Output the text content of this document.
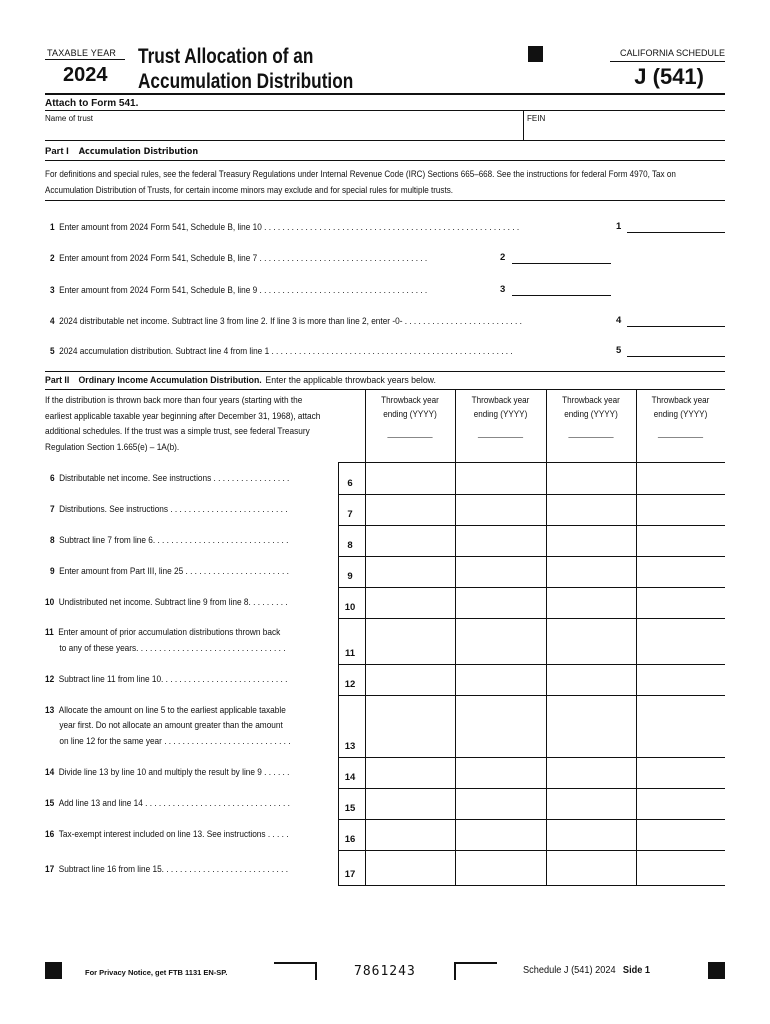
TAXABLE YEAR
2024
Trust Allocation of an
Accumulation Distribution
CALIFORNIA SCHEDULE
J (541)
Attach to Form 541.
Name of trust	FEIN
Part I Accumulation Distribution
For definitions and special rules, see the federal Treasury Regulations under Internal Revenue Code (IRC) Sections 665–668. See the instructions for federal Form 4970, Tax on Accumulation Distribution of Trusts, for certain income minors may exclude and for special rules for multiple trusts.
1 Enter amount from 2024 Form 541, Schedule B, line 10 . . . . . . . . . . . . . . . . . . . . . . . . . . . . . . . . . . . . . . . . . . . . . . . . . . . . . . . .	1
2 Enter amount from 2024 Form 541, Schedule B, line 7 . . . . . . . . . . . . . . . . . . . . . . . . . . . . . . . . . . . . .	2
3 Enter amount from 2024 Form 541, Schedule B, line 9 . . . . . . . . . . . . . . . . . . . . . . . . . . . . . . . . . . . . .	3
4 2024 distributable net income. Subtract line 3 from line 2. If line 3 is more than line 2, enter -0- . . . . . . . . . . . . . . . . . . . . . . . . . .	4
5 2024 accumulation distribution. Subtract line 4 from line 1 . . . . . . . . . . . . . . . . . . . . . . . . . . . . . . . . . . . . . . . . . . . . . . . . . . . . .	5
Part II Ordinary Income Accumulation Distribution. Enter the applicable throwback years below.
If the distribution is thrown back more than four years (starting with the
earliest applicable taxable year beginning after December 31, 1968), attach
additional schedules. If the trust was a simple trust, see federal Treasury
Regulation Section 1.665(e) – 1A(b).
Throwback year
ending (YYYY)
__________
Throwback year
ending (YYYY)
__________
Throwback year
ending (YYYY)
__________
Throwback year
ending (YYYY)
__________
6 Distributable net income. See instructions . . . . . . . . . . . . . . . . .
6
7 Distributions. See instructions . . . . . . . . . . . . . . . . . . . . . . . . . .
7
8 Subtract line 7 from line 6. . . . . . . . . . . . . . . . . . . . . . . . . . . . . .
8
9 Enter amount from Part III, line 25 . . . . . . . . . . . . . . . . . . . . . . .
9
10 Undistributed net income. Subtract line 9 from line 8. . . . . . . . .
10
11 Enter amount of prior accumulation distributions thrown back
to any of these years. . . . . . . . . . . . . . . . . . . . . . . . . . . . . . . . .
11
12 Subtract line 11 from line 10. . . . . . . . . . . . . . . . . . . . . . . . . . . .
12
13 Allocate the amount on line 5 to the earliest applicable taxable
year first. Do not allocate an amount greater than the amount
on line 12 for the same year . . . . . . . . . . . . . . . . . . . . . . . . . . . .
13
14 Divide line 13 by line 10 and multiply the result by line 9 . . . . . .
14
15 Add line 13 and line 14 . . . . . . . . . . . . . . . . . . . . . . . . . . . . . . . .
15
16 Tax-exempt interest included on line 13. See instructions . . . . .
16
17 Subtract line 16 from line 15. . . . . . . . . . . . . . . . . . . . . . . . . . . .
17
For Privacy Notice, get FTB 1131 EN-SP.	7861243	Schedule J (541) 2024 Side 1
